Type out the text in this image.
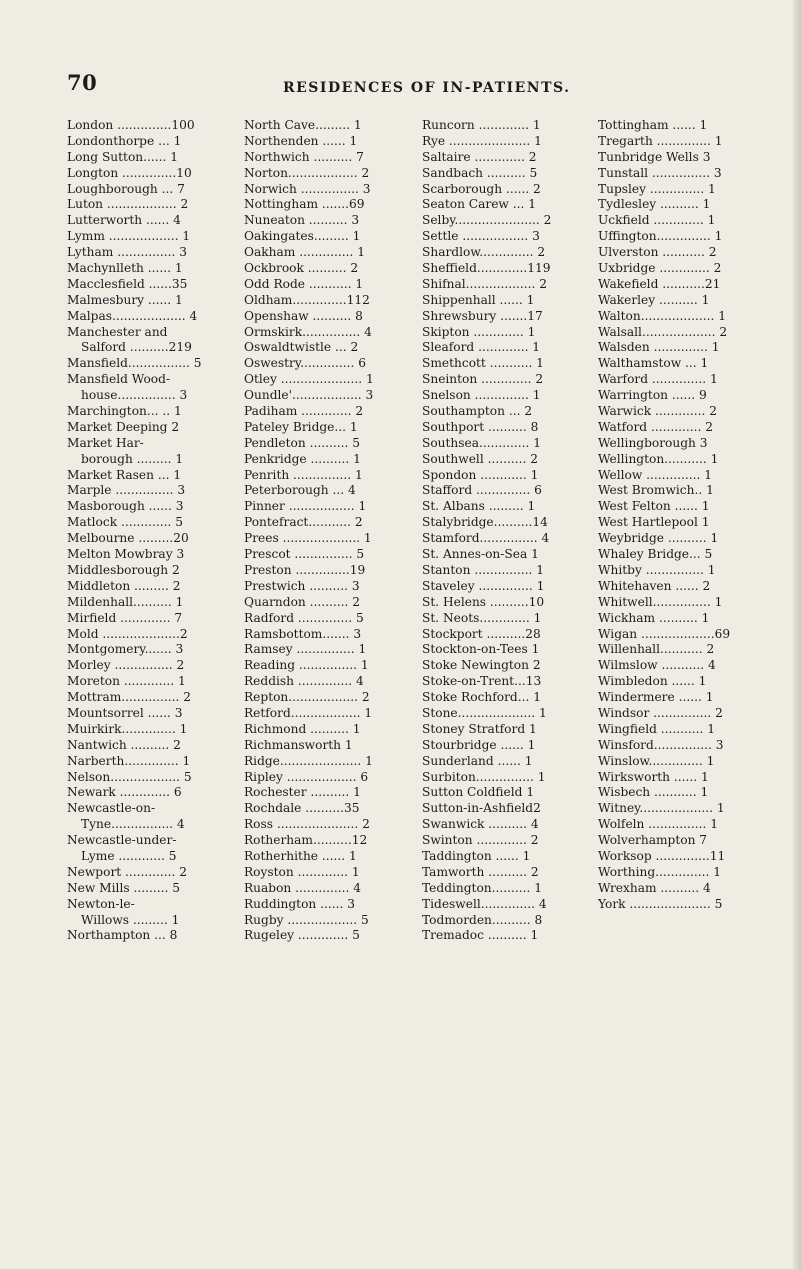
70	RESIDENCES OF IN-PATIENTS.
London ..............100
Londonthorpe ... 1
Long Sutton...... 1
Longton ..............10
Loughborough ... 7
Luton .................. 2
Lutterworth ...... 4
Lymm .................. 1
Lytham ............... 3
Machynlleth ...... 1
Macclesfield ......35
Malmesbury ...... 1
Malpas................... 4
Manchester and
Salford ..........219
Mansfield................ 5
Mansfield Wood-
house............... 3
Marchington... .. 1
Market Deeping 2
Market Har-
borough ......... 1
Market Rasen ... 1
Marple ............... 3
Masborough ...... 3
Matlock ............. 5
Melbourne .........20
Melton Mowbray 3
Middlesborough 2
Middleton ......... 2
Mildenhall.......... 1
Mirfield ............. 7
Mold ....................2
Montgomery....... 3
Morley ............... 2
Moreton ............. 1
Mottram............... 2
Mountsorrel ...... 3
Muirkirk.............. 1
Nantwich .......... 2
Narberth.............. 1
Nelson.................. 5
Newark ............. 6
Newcastle-on-
Tyne................ 4
Newcastle-under-
Lyme ............ 5
Newport ............. 2
New Mills ......... 5
Newton-le-
Willows ......... 1
Northampton ... 8
North Cave......... 1
Northenden ...... 1
Northwich .......... 7
Norton.................. 2
Norwich ............... 3
Nottingham .......69
Nuneaton .......... 3
Oakingates......... 1
Oakham .............. 1
Ockbrook .......... 2
Odd Rode ........... 1
Oldham..............112
Openshaw .......... 8
Ormskirk............... 4
Oswaldtwistle ... 2
Oswestry.............. 6
Otley ..................... 1
Oundle'.................. 3
Padiham ............. 2
Pateley Bridge... 1
Pendleton .......... 5
Penkridge .......... 1
Penrith ............... 1
Peterborough ... 4
Pinner ................. 1
Pontefract........... 2
Prees .................... 1
Prescot ............... 5
Preston ..............19
Prestwich .......... 3
Quarndon .......... 2
Radford .............. 5
Ramsbottom....... 3
Ramsey ............... 1
Reading ............... 1
Reddish .............. 4
Repton.................. 2
Retford.................. 1
Richmond .......... 1
Richmansworth 1
Ridge..................... 1
Ripley .................. 6
Rochester .......... 1
Rochdale ..........35
Ross ..................... 2
Rotherham..........12
Rotherhithe ...... 1
Royston ............. 1
Ruabon .............. 4
Ruddington ...... 3
Rugby .................. 5
Rugeley ............. 5
Runcorn ............. 1
Rye ..................... 1
Saltaire ............. 2
Sandbach .......... 5
Scarborough ...... 2
Seaton Carew ... 1
Selby...................... 2
Settle ................. 3
Shardlow.............. 2
Sheffield.............119
Shifnal.................. 2
Shippenhall ...... 1
Shrewsbury .......17
Skipton ............. 1
Sleaford ............. 1
Smethcott ........... 1
Sneinton ............. 2
Snelson .............. 1
Southampton ... 2
Southport .......... 8
Southsea............. 1
Southwell .......... 2
Spondon ............ 1
Stafford .............. 6
St. Albans ......... 1
Stalybridge..........14
Stamford............... 4
St. Annes-on-Sea 1
Stanton ............... 1
Staveley .............. 1
St. Helens ..........10
St. Neots............. 1
Stockport ..........28
Stockton-on-Tees 1
Stoke Newington 2
Stoke-on-Trent...13
Stoke Rochford... 1
Stone.................... 1
Stoney Stratford 1
Stourbridge ...... 1
Sunderland ...... 1
Surbiton............... 1
Sutton Coldfield 1
Sutton-in-Ashfield2
Swanwick .......... 4
Swinton ............. 2
Taddington ...... 1
Tamworth .......... 2
Teddington.......... 1
Tideswell.............. 4
Todmorden.......... 8
Tremadoc .......... 1
Tottingham ...... 1
Tregarth .............. 1
Tunbridge Wells 3
Tunstall ............... 3
Tupsley .............. 1
Tydlesley .......... 1
Uckfield ............. 1
Uffington.............. 1
Ulverston ........... 2
Uxbridge ............. 2
Wakefield ...........21
Wakerley .......... 1
Walton................... 1
Walsall................... 2
Walsden .............. 1
Walthamstow ... 1
Warford .............. 1
Warrington ...... 9
Warwick ............. 2
Watford ............. 2
Wellingborough 3
Wellington........... 1
Wellow .............. 1
West Bromwich.. 1
West Felton ...... 1
West Hartlepool 1
Weybridge .......... 1
Whaley Bridge... 5
Whitby ............... 1
Whitehaven ...... 2
Whitwell............... 1
Wickham .......... 1
Wigan ...................69
Willenhall........... 2
Wilmslow ........... 4
Wimbledon ...... 1
Windermere ...... 1
Windsor ............... 2
Wingfield ........... 1
Winsford............... 3
Winslow.............. 1
Wirksworth ...... 1
Wisbech ........... 1
Witney................... 1
Wolfeln ............... 1
Wolverhampton 7
Worksop ..............11
Worthing.............. 1
Wrexham .......... 4
York ..................... 5
